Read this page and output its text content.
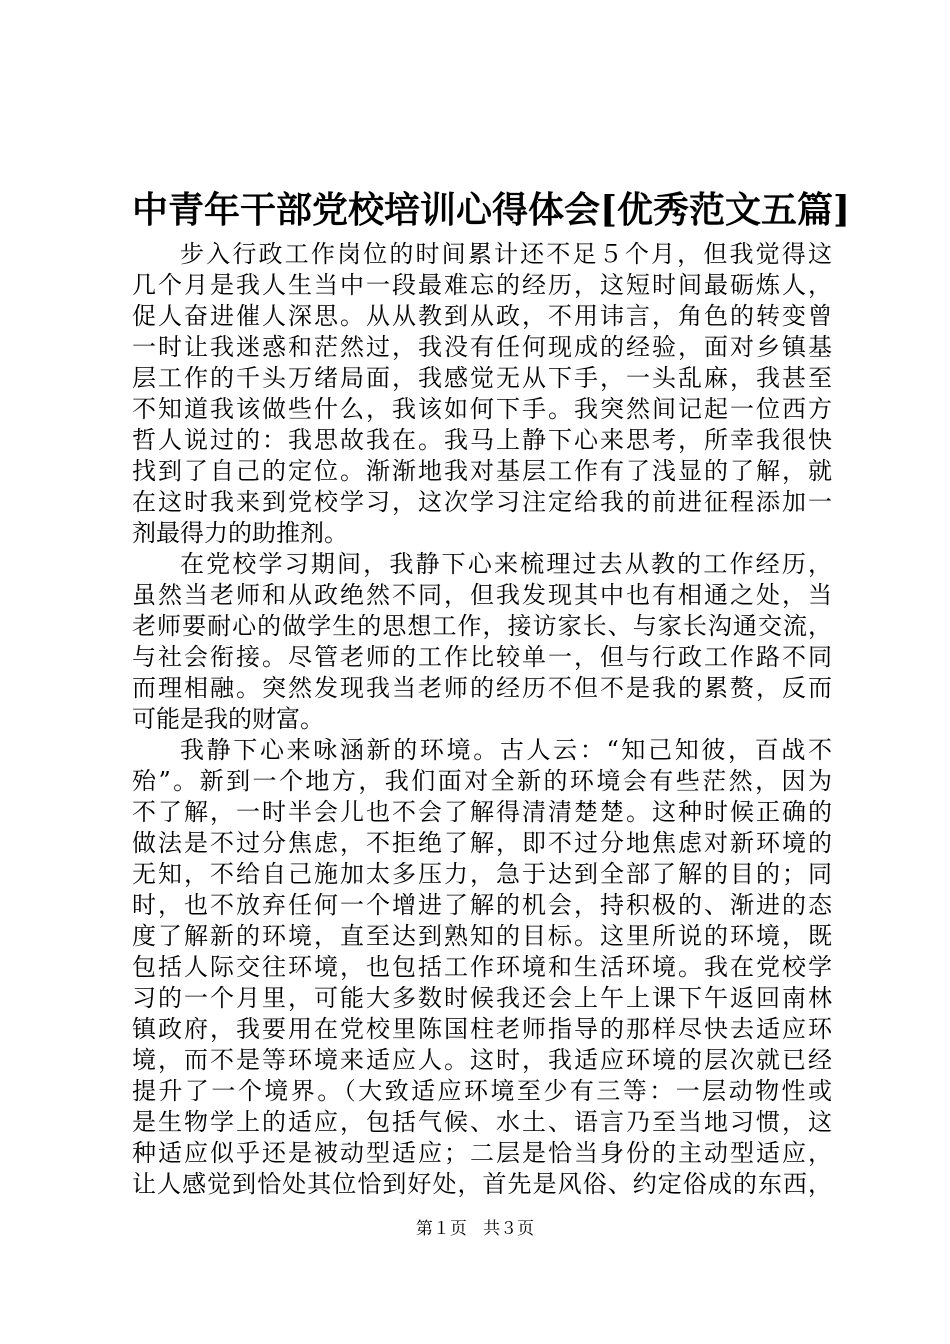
中青年干部党校培训心得体会[优秀范文五篇]
步入行政工作岗位的时间累计还不足５个月，但我觉得这
几个月是我人生当中一段最难忘的经历，这短时间最砺炼人，
促人奋进催人深思。从从教到从政，不用讳言，角色的转变曾
一时让我迷惑和茫然过，我没有任何现成的经验，面对乡镇基
层工作的千头万绪局面，我感觉无从下手，一头乱麻，我甚至
不知道我该做些什么，我该如何下手。我突然间记起一位西方
哲人说过的：我思故我在。我马上静下心来思考，所幸我很快
找到了自己的定位。渐渐地我对基层工作有了浅显的了解，就
在这时我来到党校学习，这次学习注定给我的前进征程添加一
剂最得力的助推剂。
在党校学习期间，我静下心来梳理过去从教的工作经历，
虽然当老师和从政绝然不同，但我发现其中也有相通之处，当
老师要耐心的做学生的思想工作，接访家长、与家长沟通交流，
与社会衔接。尽管老师的工作比较单一，但与行政工作路不同
而理相融。突然发现我当老师的经历不但不是我的累赘，反而
可能是我的财富。
我静下心来咏涵新的环境。古人云：“知己知彼，百战不
殆”。新到一个地方，我们面对全新的环境会有些茫然，因为
不了解，一时半会儿也不会了解得清清楚楚。这种时候正确的
做法是不过分焦虑，不拒绝了解，即不过分地焦虑对新环境的
无知，不给自己施加太多压力，急于达到全部了解的目的；同
时，也不放弃任何一个增进了解的机会，持积极的、渐进的态
度了解新的环境，直至达到熟知的目标。这里所说的环境，既
包括人际交往环境，也包括工作环境和生活环境。我在党校学
习的一个月里，可能大多数时候我还会上午上课下午返回南林
镇政府，我要用在党校里陈国柱老师指导的那样尽快去适应环
境，而不是等环境来适应人。这时，我适应环境的层次就已经
提升了一个境界。（大致适应环境至少有三等：一层动物性或
是生物学上的适应，包括气候、水土、语言乃至当地习惯，这
种适应似乎还是被动型适应；二层是恰当身份的主动型适应，
让人感觉到恰处其位恰到好处，首先是风俗、约定俗成的东西，
第１页 共３页
